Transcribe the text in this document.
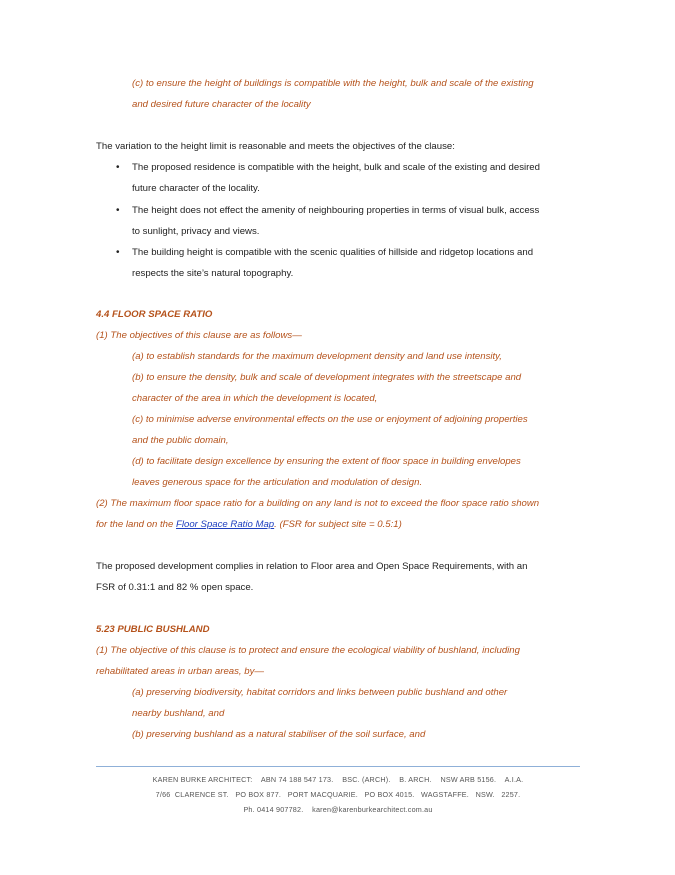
(c) to ensure the height of buildings is compatible with the height, bulk and scale of the existing
and desired future character of the locality
The variation to the height limit is reasonable and meets the objectives of the clause:
• The proposed residence is compatible with the height, bulk and scale of the existing and desired
future character of the locality.
• The height does not effect the amenity of neighbouring properties in terms of visual bulk, access
to sunlight, privacy and views.
• The building height is compatible with the scenic qualities of hillside and ridgetop locations and
respects the site’s natural topography.
4.4 FLOOR SPACE RATIO
(1) The objectives of this clause are as follows—
(a) to establish standards for the maximum development density and land use intensity,
(b) to ensure the density, bulk and scale of development integrates with the streetscape and
character of the area in which the development is located,
(c) to minimise adverse environmental effects on the use or enjoyment of adjoining properties
and the public domain,
(d) to facilitate design excellence by ensuring the extent of floor space in building envelopes
leaves generous space for the articulation and modulation of design.
(2) The maximum floor space ratio for a building on any land is not to exceed the floor space ratio shown
for the land on the Floor Space Ratio Map. (FSR for subject site = 0.5:1)
The proposed development complies in relation to Floor area and Open Space Requirements, with an
FSR of 0.31:1 and 82 % open space.
5.23 PUBLIC BUSHLAND
(1) The objective of this clause is to protect and ensure the ecological viability of bushland, including
rehabilitated areas in urban areas, by—
(a) preserving biodiversity, habitat corridors and links between public bushland and other
nearby bushland, and
(b) preserving bushland as a natural stabiliser of the soil surface, and
KAREN BURKE ARCHITECT:    ABN 74 188 547 173.    BSC. (ARCH).    B. ARCH.    NSW ARB 5156.    A.I.A.
7/66  CLARENCE ST.   PO BOX 877.   PORT MACQUARIE.   PO BOX 4015.   WAGSTAFFE.   NSW.   2257.
Ph. 0414 907782.    karen@karenburkearchitect.com.au
